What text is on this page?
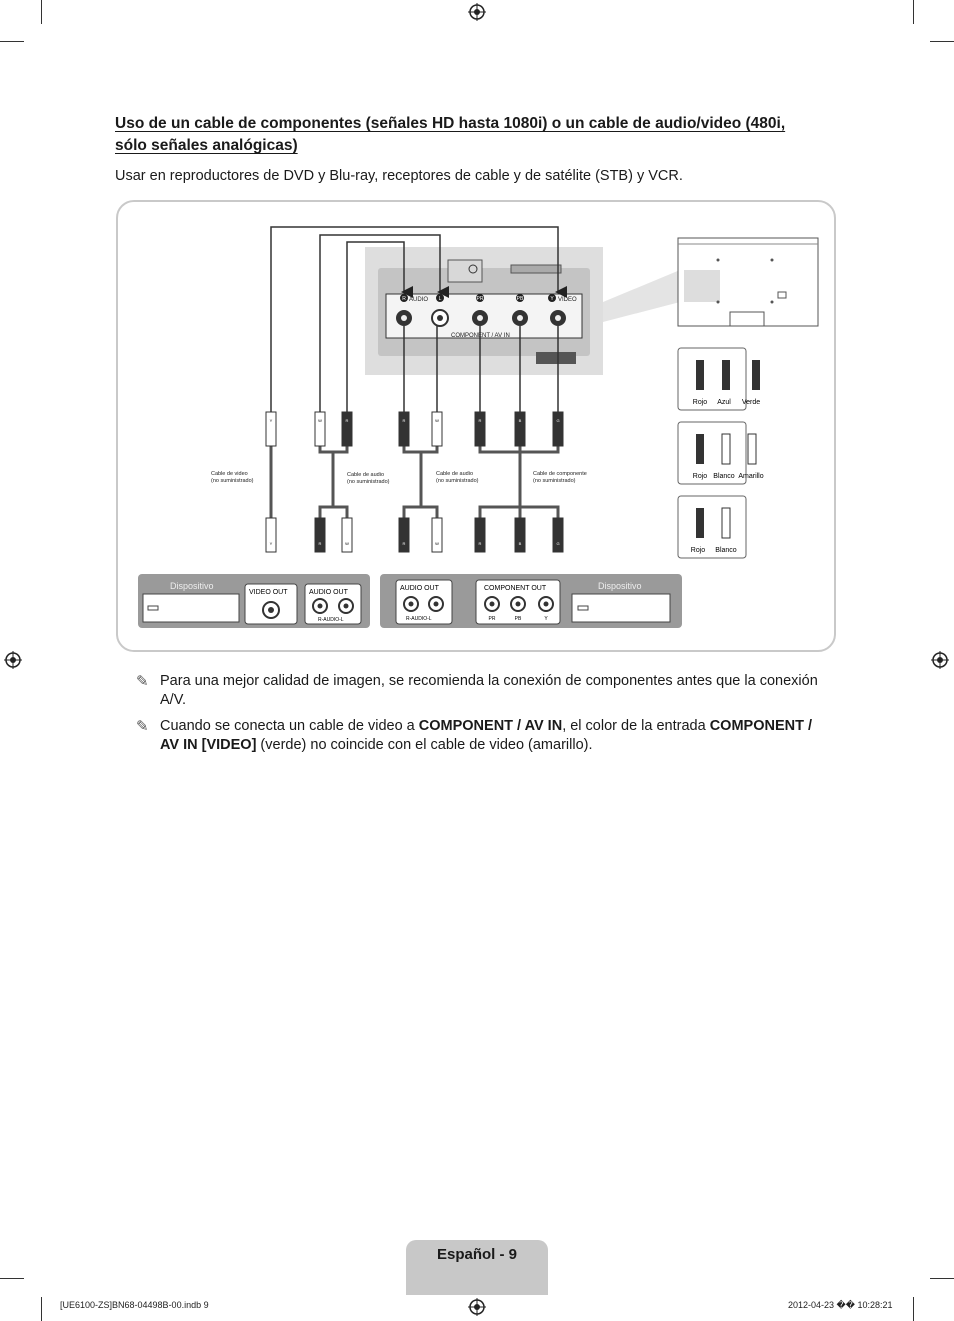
Uso de un cable de componentes (señales HD hasta 1080i) o un cable de audio/video (480i, sólo señales analógicas)
Usar en reproductores de DVD y Blu-ray, receptores de cable y de satélite (STB) y VCR.
AUDIO	VIDEO
COMPONENT / AV IN
R	L	PR	PB	Y
Cable de video
(no suministrado)
Cable de audio
(no suministrado)
Cable de audio
(no suministrado)
Cable de componente
(no suministrado)
Y	W	R	R	W	R	B	G
Y	R	W	R	W	R	B	G
Rojo Azul Verde
Rojo Blanco Amarillo
Rojo Blanco
Dispositivo
VIDEO OUT	AUDIO OUT
R-AUDIO-L
AUDIO OUT
R-AUDIO-L
COMPONENT OUT
PR	PB	Y
Dispositivo
✎ Para una mejor calidad de imagen, se recomienda la conexión de componentes antes que la conexión A/V.
✎ Cuando se conecta un cable de video a COMPONENT / AV IN, el color de la entrada COMPONENT / AV IN [VIDEO] (verde) no coincide con el cable de video (amarillo).
Español - 9
[UE6100-ZS]BN68-04498B-00.indb 9	2012-04-23 �� 10:28:21
